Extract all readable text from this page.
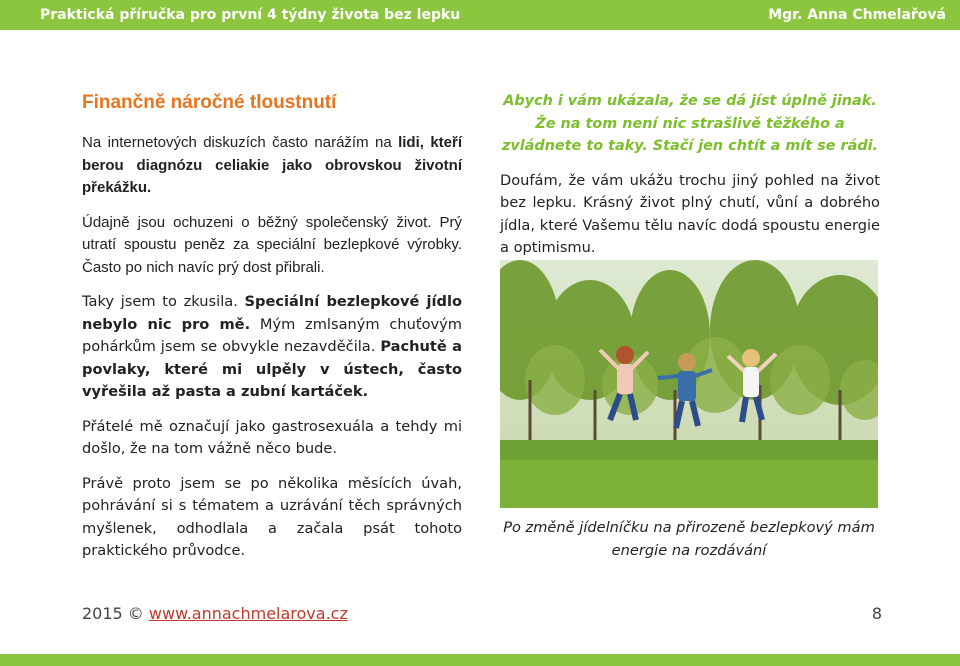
Praktická příručka pro první 4 týdny života bez lepku	Mgr. Anna Chmelařová
Finančně náročné tloustnutí

Na internetových diskuzích často narážím na lidi, kteří berou diagnózu celiakie jako obrovskou životní překážku.

Údajně jsou ochuzeni o běžný společenský život. Prý utratí spoustu peněz za speciální bezlepkové výrobky. Často po nich navíc prý dost přibrali.

Taky jsem to zkusila. Speciální bezlepkové jídlo nebylo nic pro mě. Mým zmlsaným chuťovým pohárkům jsem se obvykle nezavděčila. Pachutě a povlaky, které mi ulpěly v ústech, často vyřešila až pasta a zubní kartáček.

Přátelé mě označují jako gastrosexuála a tehdy mi došlo, že na tom vážně něco bude.

Právě proto jsem se po několika měsících úvah, pohrávání si s tématem a uzrávání těch správných myšlenek, odhodlala a začala psát tohoto praktického průvodce.

Abych i vám ukázala, že se dá jíst úplně jinak. Že na tom není nic strašlivě těžkého a zvládnete to taky. Stačí jen chtít a mít se rádi.

Doufám, že vám ukážu trochu jiný pohled na život bez lepku. Krásný život plný chutí, vůní a dobrého jídla, které Vašemu tělu navíc dodá spoustu energie a optimismu.

Po změně jídelníčku na přirozeně bezlepkový mám energie na rozdávání
2015 © www.annachmelarova.cz	8
